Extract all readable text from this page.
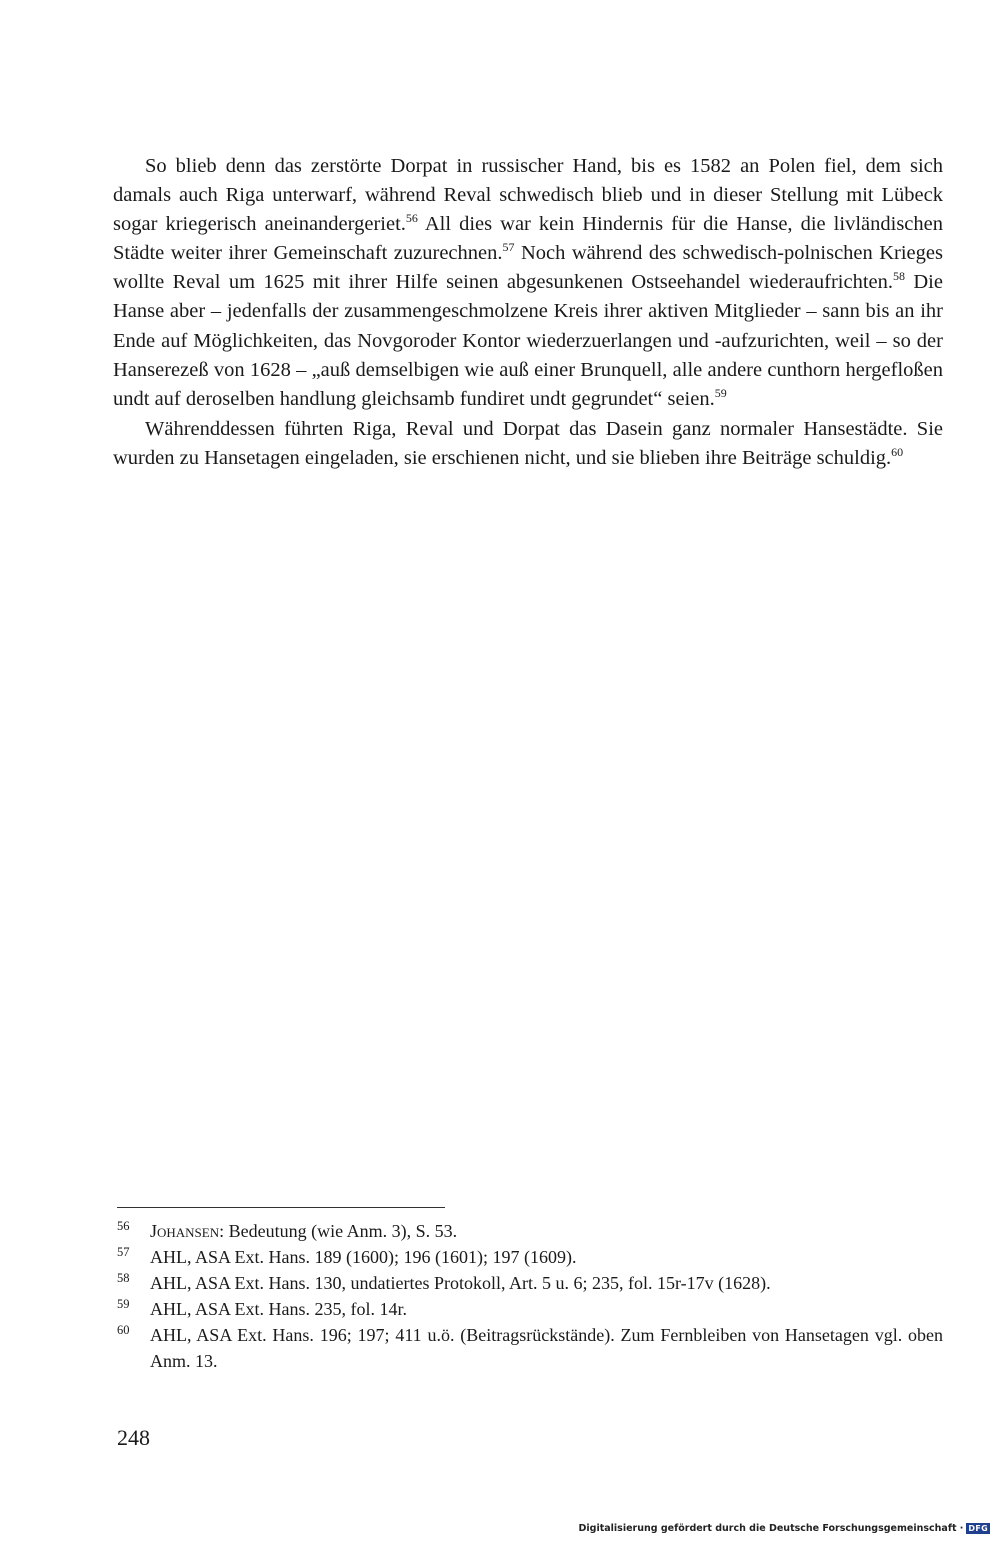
So blieb denn das zerstörte Dorpat in russischer Hand, bis es 1582 an Polen fiel, dem sich damals auch Riga unterwarf, während Reval schwedisch blieb und in dieser Stellung mit Lübeck sogar kriegerisch aneinandergeriet.$^{56}$ All dies war kein Hindernis für die Hanse, die livländischen Städte weiter ihrer Gemeinschaft zuzurechnen.$^{57}$ Noch während des schwedisch-polnischen Krieges wollte Reval um 1625 mit ihrer Hilfe seinen abgesunkenen Ostseehandel wiederaufrichten.$^{58}$ Die Hanse aber – jedenfalls der zusammengeschmolzene Kreis ihrer aktiven Mitglieder – sann bis an ihr Ende auf Möglichkeiten, das Novgoroder Kontor wiederzuerlangen und -aufzurichten, weil – so der Hanserezeß von 1628 – „auß demselbigen wie auß einer Brunquell, alle andere cunthorn hergefloßen undt auf deroselben handlung gleichsamb fundiret undt gegrundet“ seien.$^{59}$

Währenddessen führten Riga, Reval und Dorpat das Dasein ganz normaler Hansestädte. Sie wurden zu Hansetagen eingeladen, sie erschienen nicht, und sie blieben ihre Beiträge schuldig.$^{60}$

56 Johansen: Bedeutung (wie Anm. 3), S. 53.
57 AHL, ASA Ext. Hans. 189 (1600); 196 (1601); 197 (1609).
58 AHL, ASA Ext. Hans. 130, undatiertes Protokoll, Art. 5 u. 6; 235, fol. 15r-17v (1628).
59 AHL, ASA Ext. Hans. 235, fol. 14r.
60 AHL, ASA Ext. Hans. 196; 197; 411 u.ö. (Beitragsrückstände). Zum Fernbleiben von Hansetagen vgl. oben Anm. 13.
248
Digitalisierung gefördert durch die Deutsche Forschungsgemeinschaft · DFG
